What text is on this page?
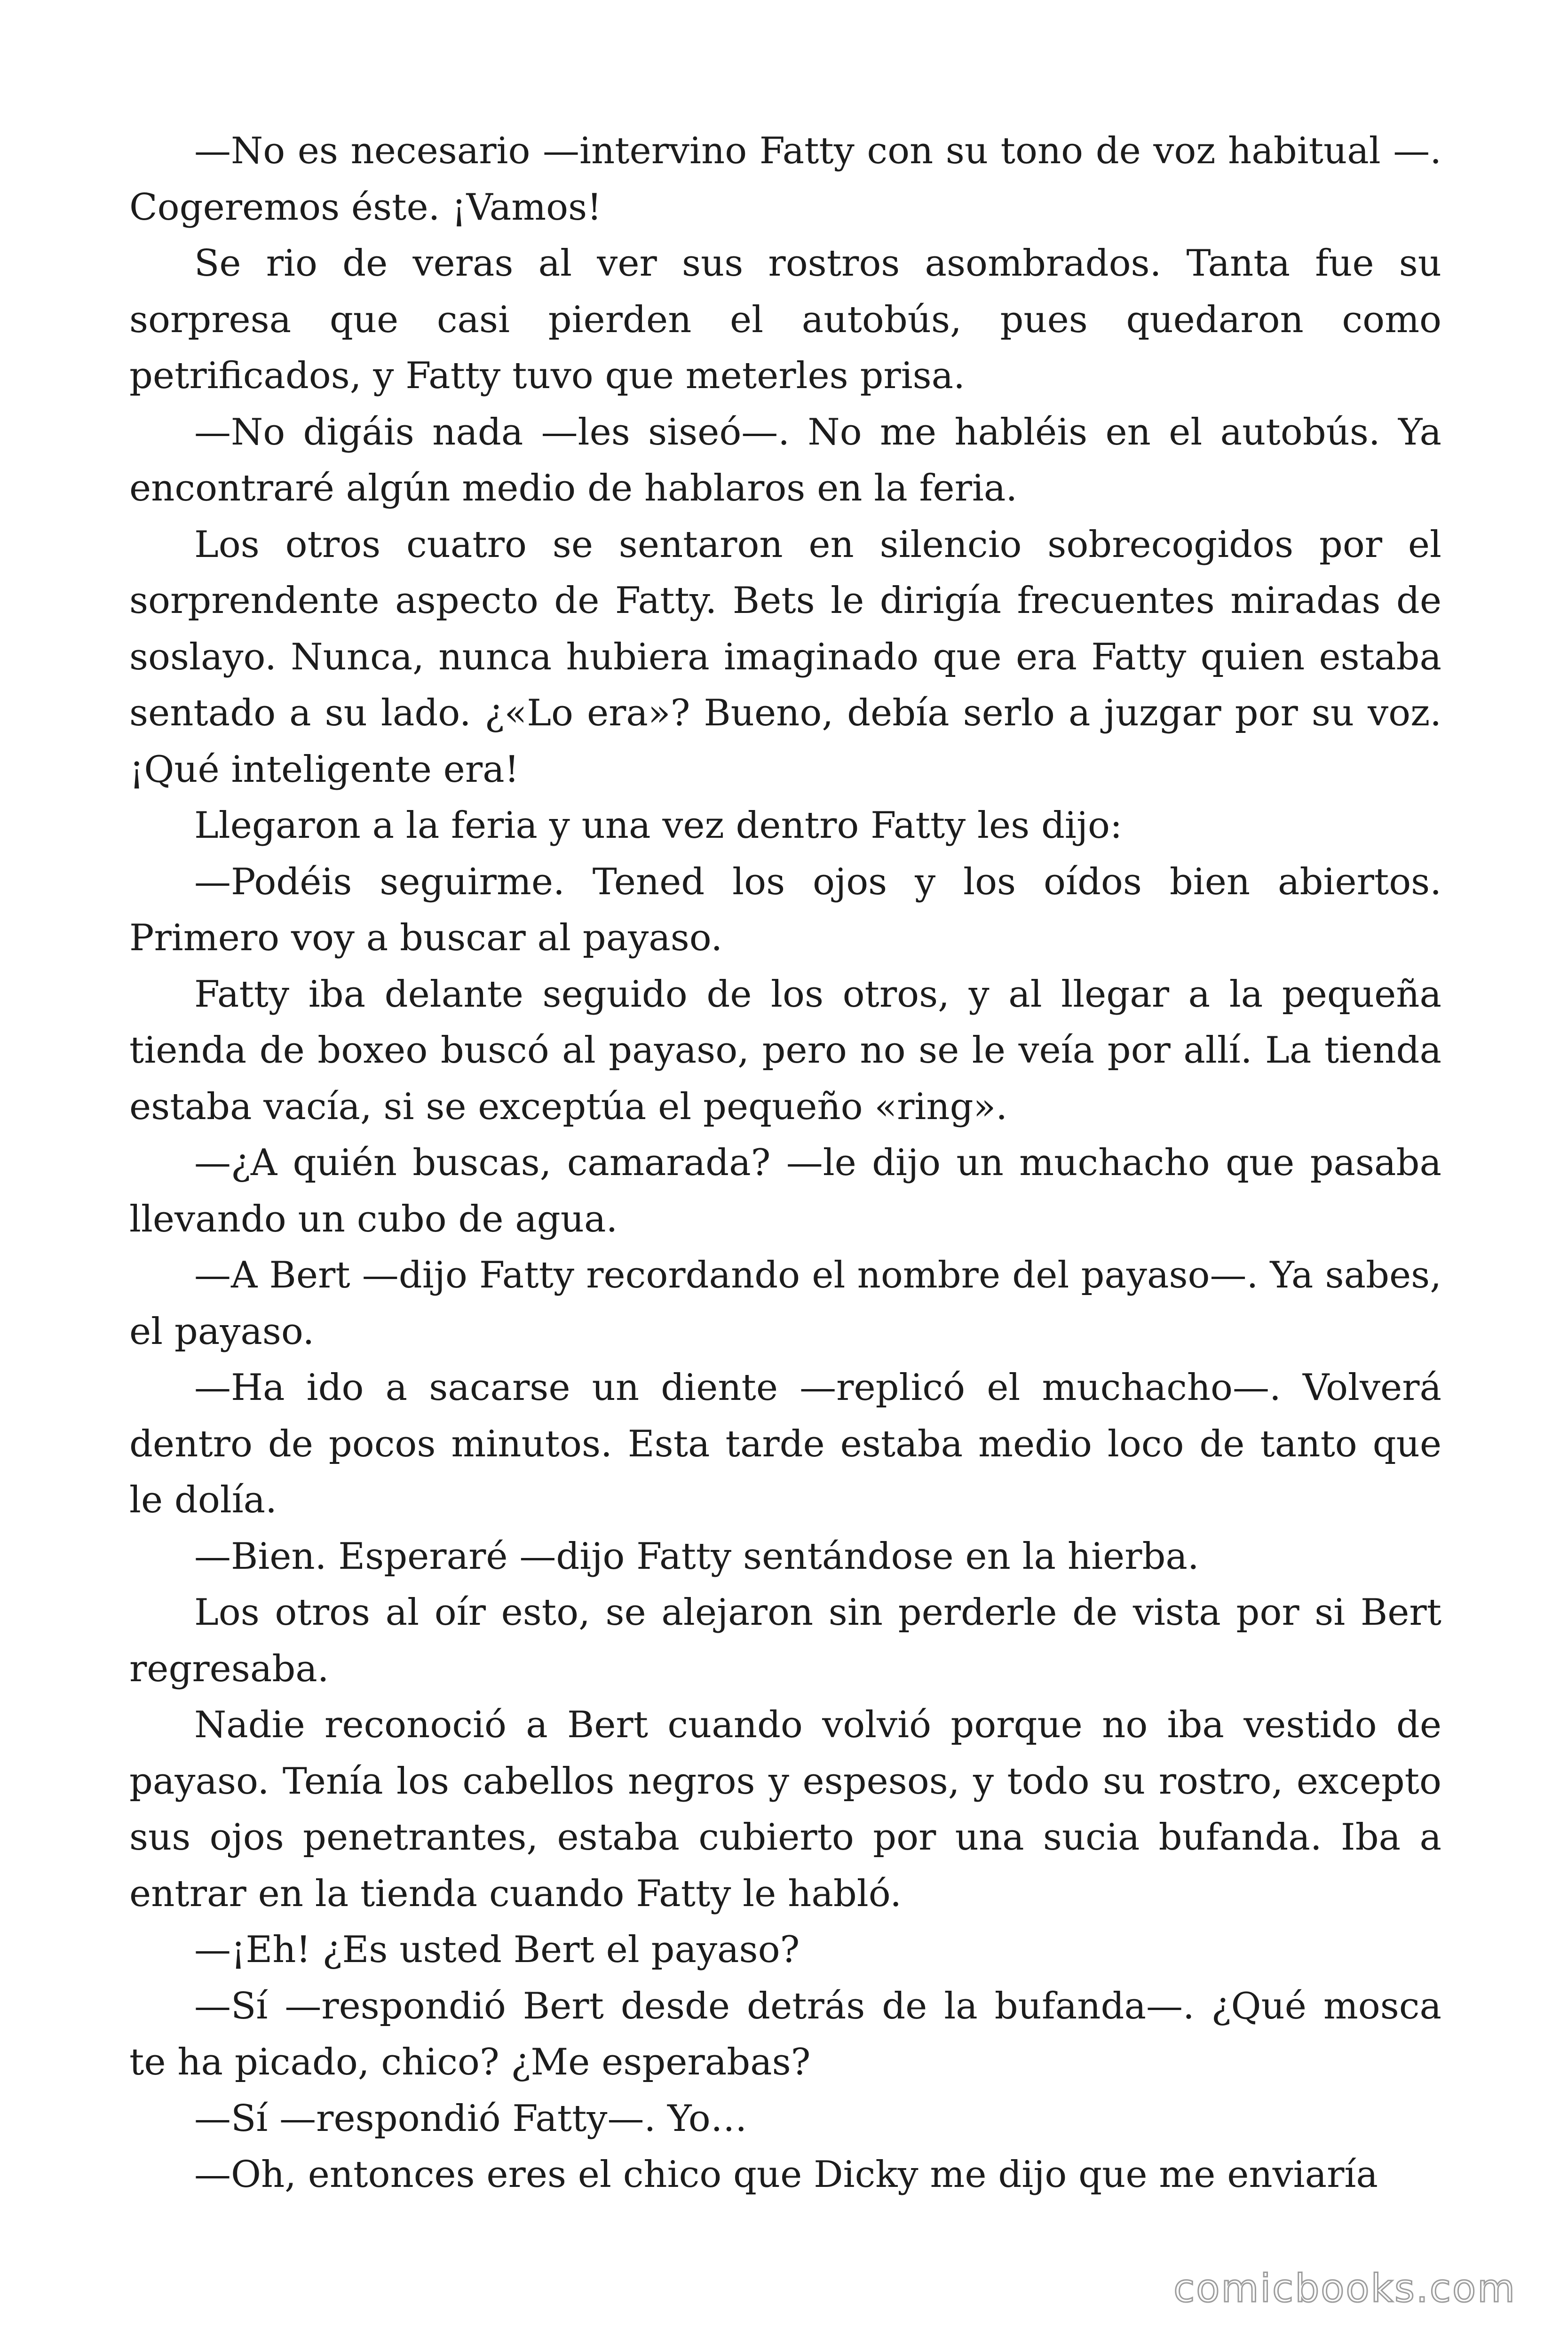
—No es necesario —intervino Fatty con su tono de voz habitual —. Cogeremos éste. ¡Vamos!

Se rio de veras al ver sus rostros asombrados. Tanta fue su sorpresa que casi pierden el autobús, pues quedaron como petrificados, y Fatty tuvo que meterles prisa.

—No digáis nada —les siseó—. No me habléis en el autobús. Ya encontraré algún medio de hablaros en la feria.

Los otros cuatro se sentaron en silencio sobrecogidos por el sorprendente aspecto de Fatty. Bets le dirigía frecuentes miradas de soslayo. Nunca, nunca hubiera imaginado que era Fatty quien estaba sentado a su lado. ¿«Lo era»? Bueno, debía serlo a juzgar por su voz. ¡Qué inteligente era!

Llegaron a la feria y una vez dentro Fatty les dijo:

—Podéis seguirme. Tened los ojos y los oídos bien abiertos. Primero voy a buscar al payaso.

Fatty iba delante seguido de los otros, y al llegar a la pequeña tienda de boxeo buscó al payaso, pero no se le veía por allí. La tienda estaba vacía, si se exceptúa el pequeño «ring».

—¿A quién buscas, camarada? —le dijo un muchacho que pasaba llevando un cubo de agua.

—A Bert —dijo Fatty recordando el nombre del payaso—. Ya sabes, el payaso.

—Ha ido a sacarse un diente —replicó el muchacho—. Volverá dentro de pocos minutos. Esta tarde estaba medio loco de tanto que le dolía.

—Bien. Esperaré —dijo Fatty sentándose en la hierba.

Los otros al oír esto, se alejaron sin perderle de vista por si Bert regresaba.

Nadie reconoció a Bert cuando volvió porque no iba vestido de payaso. Tenía los cabellos negros y espesos, y todo su rostro, excepto sus ojos penetrantes, estaba cubierto por una sucia bufanda. Iba a entrar en la tienda cuando Fatty le habló.

—¡Eh! ¿Es usted Bert el payaso?

—Sí —respondió Bert desde detrás de la bufanda—. ¿Qué mosca te ha picado, chico? ¿Me esperabas?

—Sí —respondió Fatty—. Yo…

—Oh, entonces eres el chico que Dicky me dijo que me enviaría

comicbooks.com
